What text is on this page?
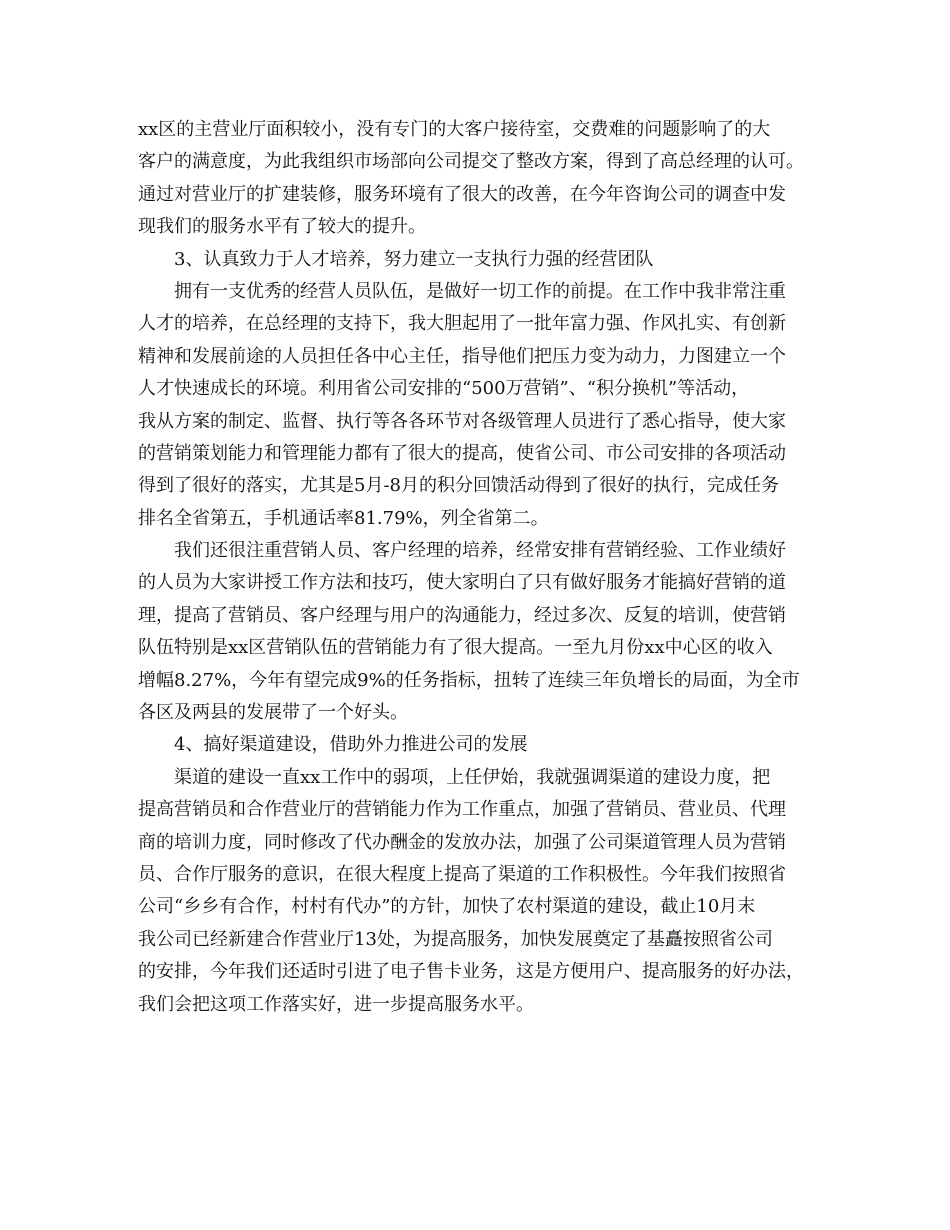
xx区的主营业厅面积较小，没有专门的大客户接待室，交费难的问题影响了的大
客户的满意度，为此我组织市场部向公司提交了整改方案，得到了高总经理的认可。
通过对营业厅的扩建装修，服务环境有了很大的改善，在今年咨询公司的调查中发
现我们的服务水平有了较大的提升。
3、认真致力于人才培养，努力建立一支执行力强的经营团队
拥有一支优秀的经营人员队伍，是做好一切工作的前提。在工作中我非常注重
人才的培养，在总经理的支持下，我大胆起用了一批年富力强、作风扎实、有创新
精神和发展前途的人员担任各中心主任，指导他们把压力变为动力，力图建立一个
人才快速成长的环境。利用省公司安排的“500万营销”、“积分换机”等活动，
我从方案的制定、监督、执行等各各环节对各级管理人员进行了悉心指导，使大家
的营销策划能力和管理能力都有了很大的提高，使省公司、市公司安排的各项活动
得到了很好的落实，尤其是5月-8月的积分回馈活动得到了很好的执行，完成任务
排名全省第五，手机通话率81.79%，列全省第二。
我们还很注重营销人员、客户经理的培养，经常安排有营销经验、工作业绩好
的人员为大家讲授工作方法和技巧，使大家明白了只有做好服务才能搞好营销的道
理，提高了营销员、客户经理与用户的沟通能力，经过多次、反复的培训，使营销
队伍特别是xx区营销队伍的营销能力有了很大提高。一至九月份xx中心区的收入
增幅8.27%，今年有望完成9%的任务指标，扭转了连续三年负增长的局面，为全市
各区及两县的发展带了一个好头。
4、搞好渠道建设，借助外力推进公司的发展
渠道的建设一直xx工作中的弱项，上任伊始，我就强调渠道的建设力度，把
提高营销员和合作营业厅的营销能力作为工作重点，加强了营销员、营业员、代理
商的培训力度，同时修改了代办酬金的发放办法，加强了公司渠道管理人员为营销
员、合作厅服务的意识，在很大程度上提高了渠道的工作积极性。今年我们按照省
公司“乡乡有合作，村村有代办”的方针，加快了农村渠道的建设，截止10月末
我公司已经新建合作营业厅13处，为提高服务，加快发展奠定了基矗按照省公司
的安排，今年我们还适时引进了电子售卡业务，这是方便用户、提高服务的好办法，
我们会把这项工作落实好，进一步提高服务水平。
